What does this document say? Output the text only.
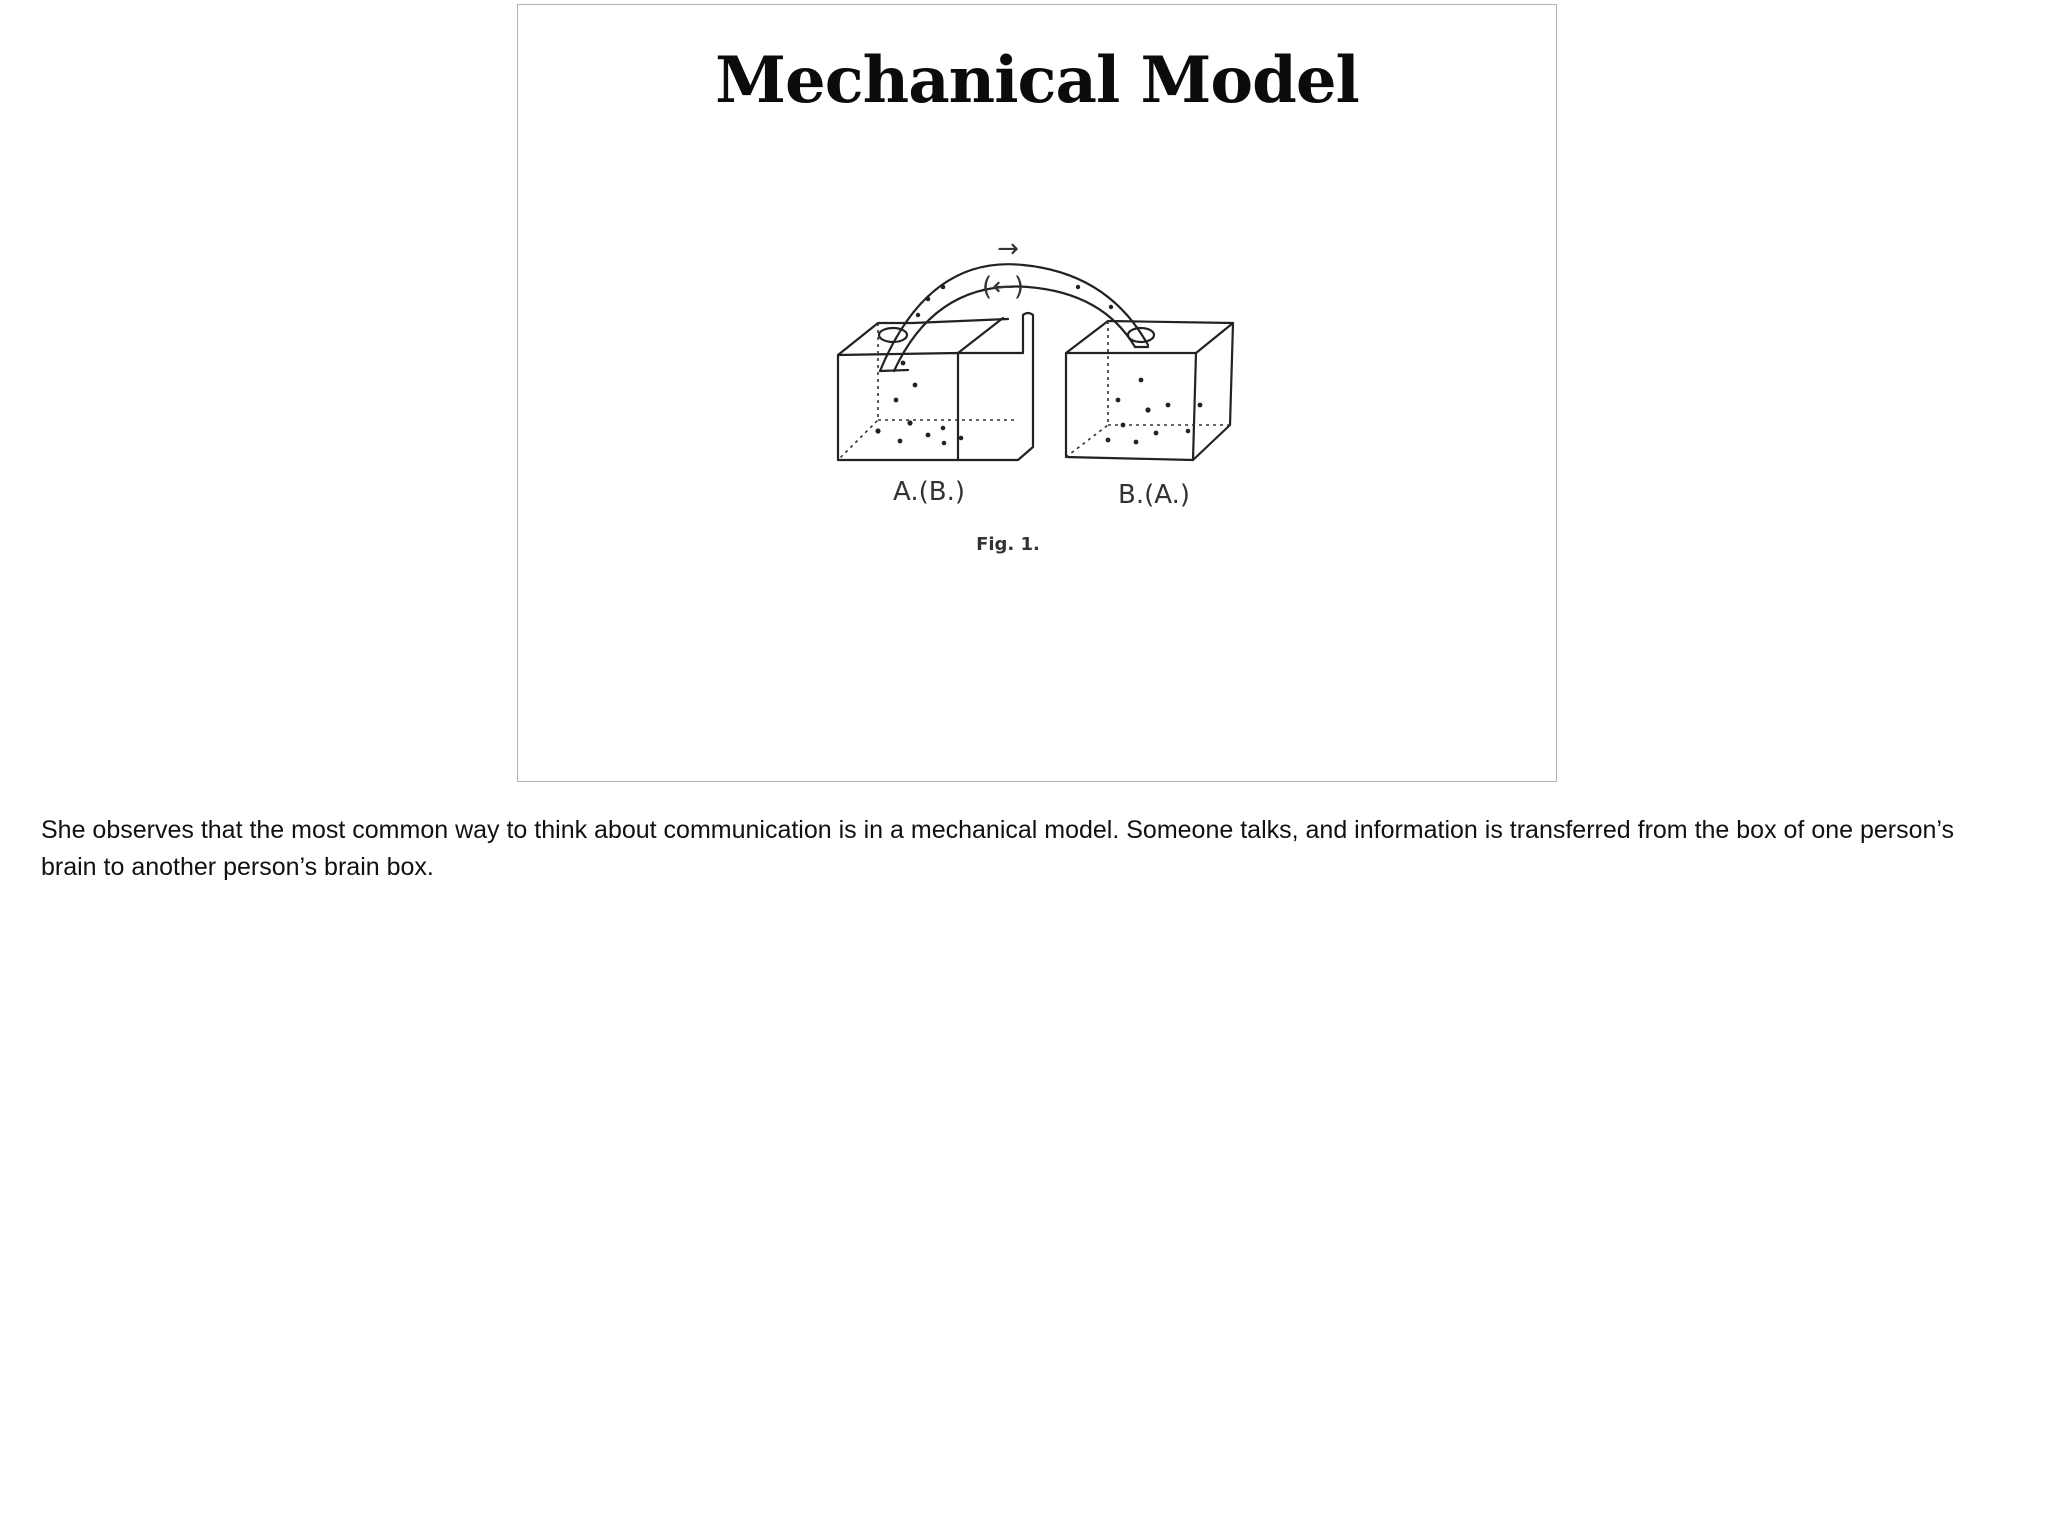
Mechanical Model
→
(←)
A.(B.)	B.(A.)
Fig. 1.

She observes that the most common way to think about communication is in a mechanical model. Someone talks, and information is transferred from the box of one person’s brain to another person’s brain box.
